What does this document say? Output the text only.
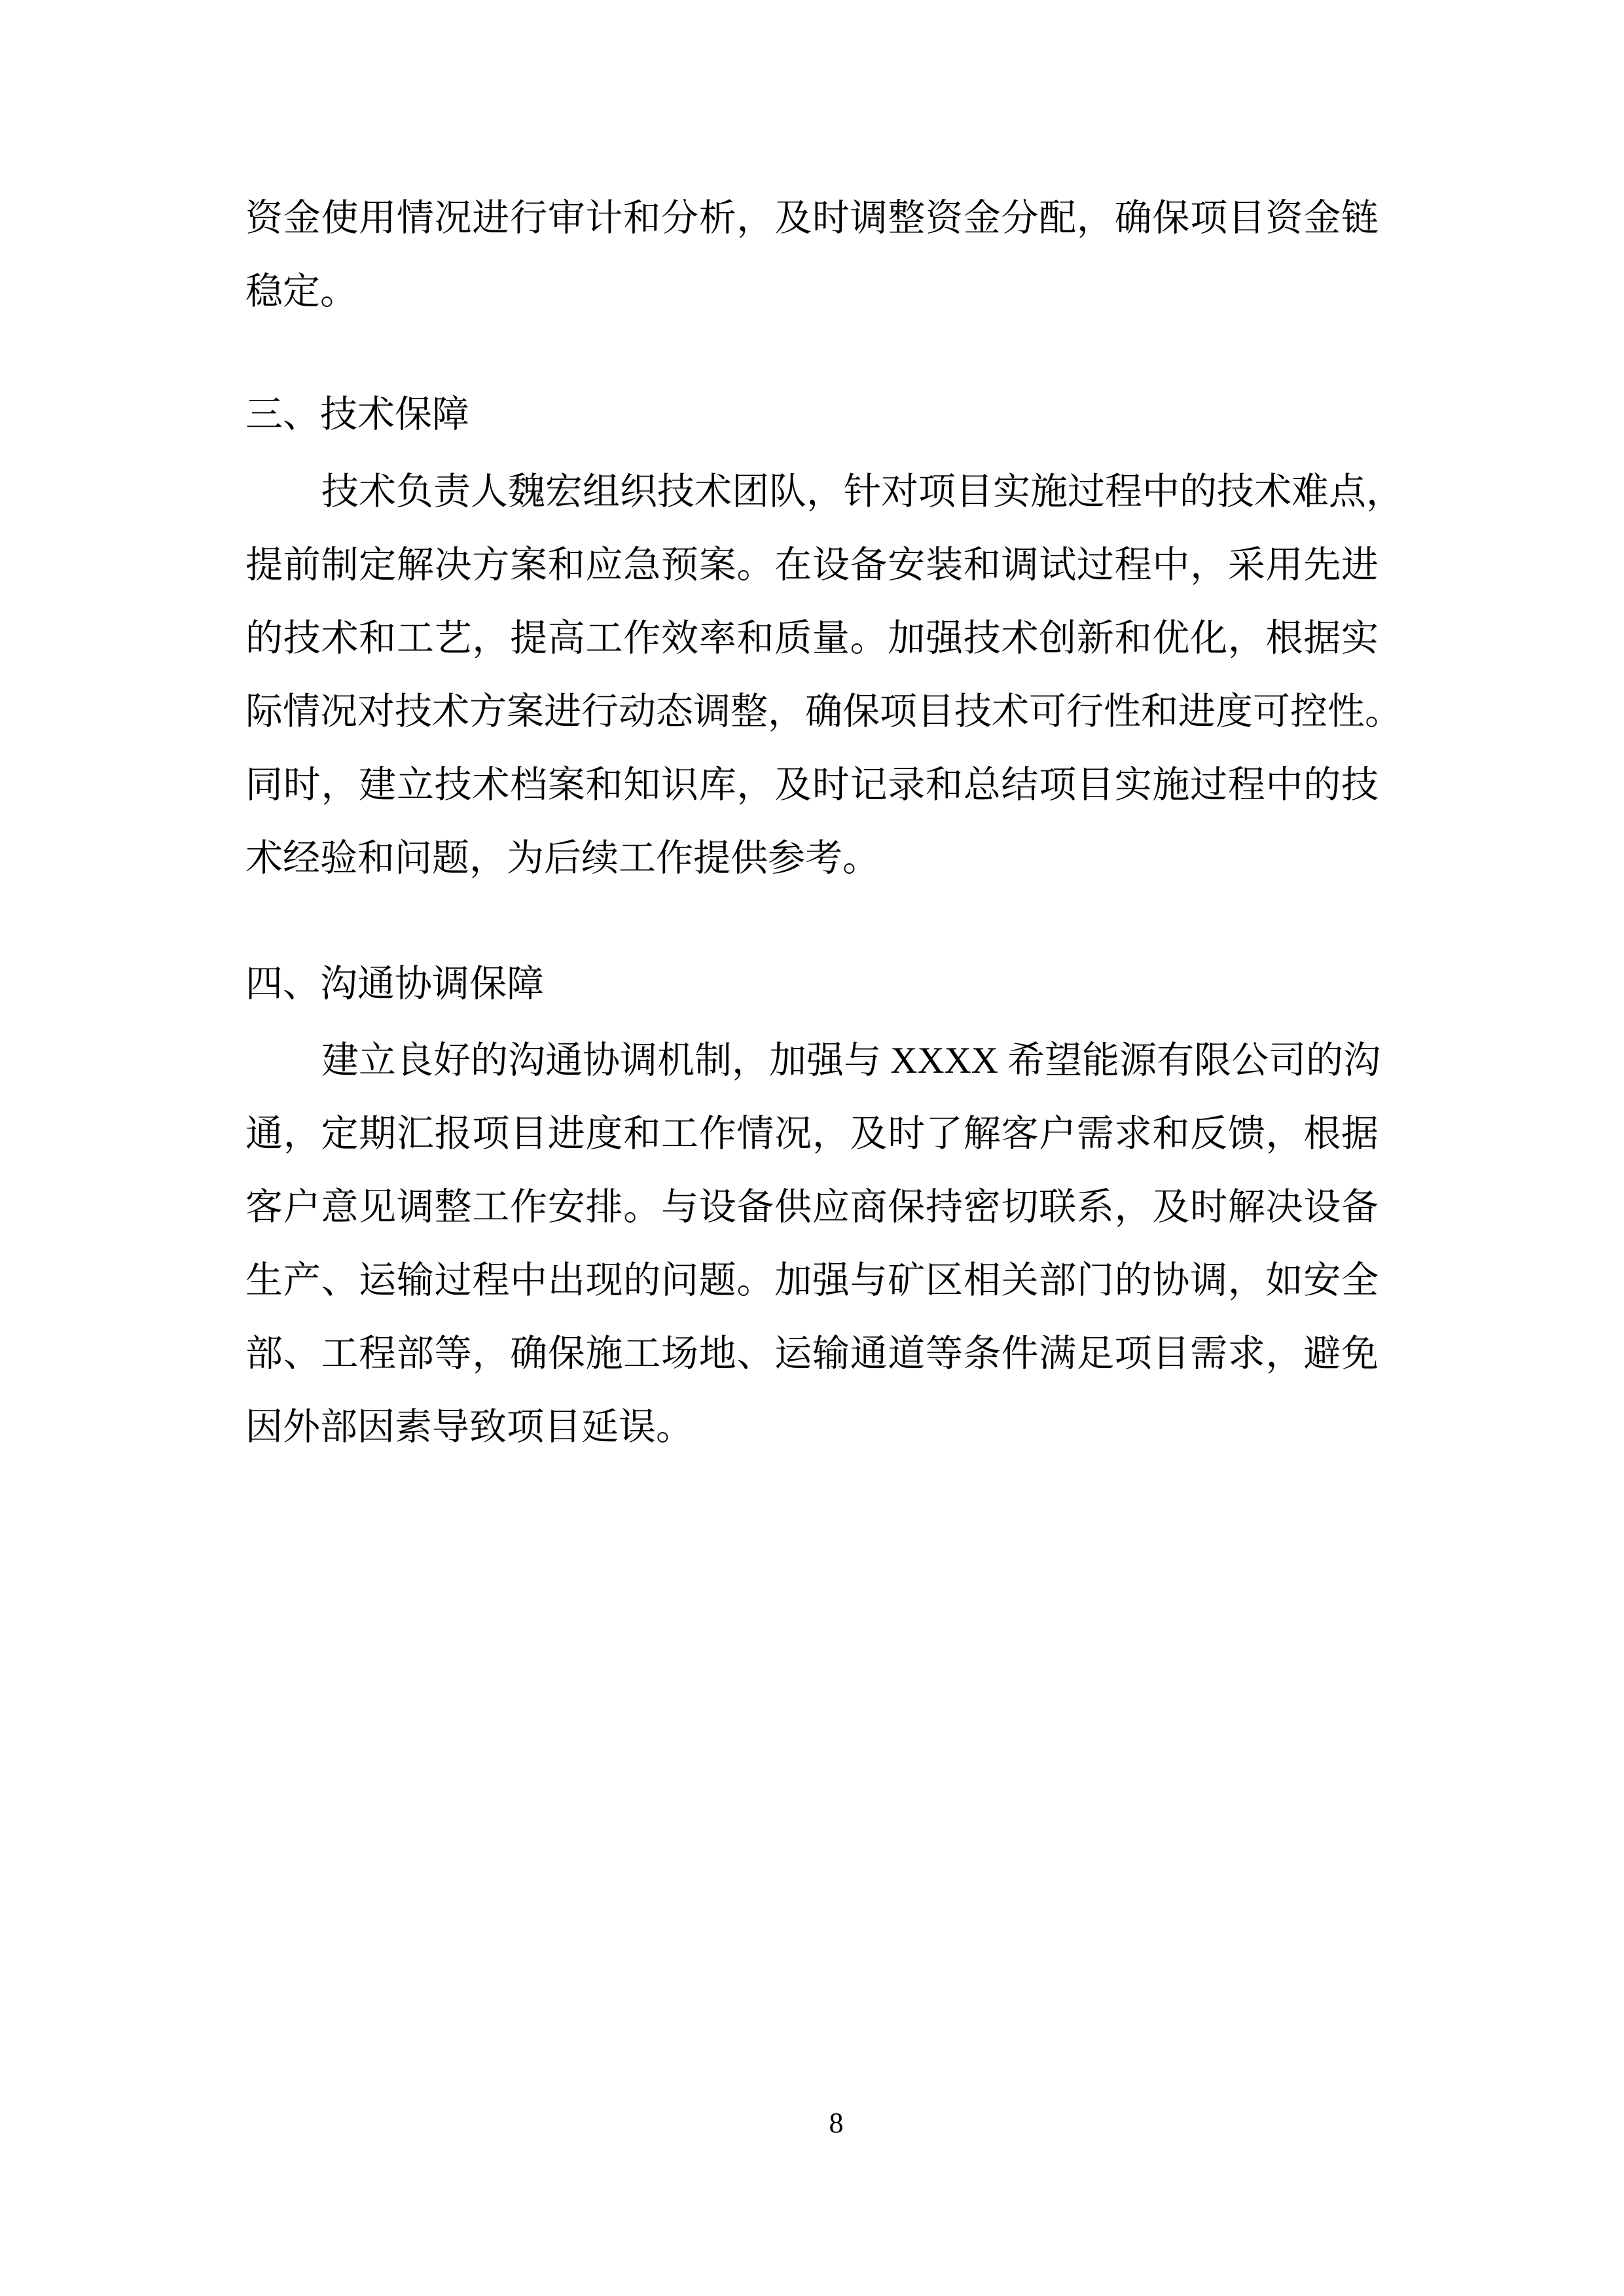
资金使用情况进行审计和分析，及时调整资金分配，确保项目资金链
稳定。
三、技术保障
技术负责人魏宏组织技术团队，针对项目实施过程中的技术难点，
提前制定解决方案和应急预案。在设备安装和调试过程中，采用先进
的技术和工艺，提高工作效率和质量。加强技术创新和优化，根据实
际情况对技术方案进行动态调整，确保项目技术可行性和进度可控性。
同时，建立技术档案和知识库，及时记录和总结项目实施过程中的技
术经验和问题，为后续工作提供参考。
四、沟通协调保障
建立良好的沟通协调机制，加强与 XXXX 希望能源有限公司的沟
通，定期汇报项目进度和工作情况，及时了解客户需求和反馈，根据
客户意见调整工作安排。与设备供应商保持密切联系，及时解决设备
生产、运输过程中出现的问题。加强与矿区相关部门的协调，如安全
部、工程部等，确保施工场地、运输通道等条件满足项目需求，避免
因外部因素导致项目延误。
8
